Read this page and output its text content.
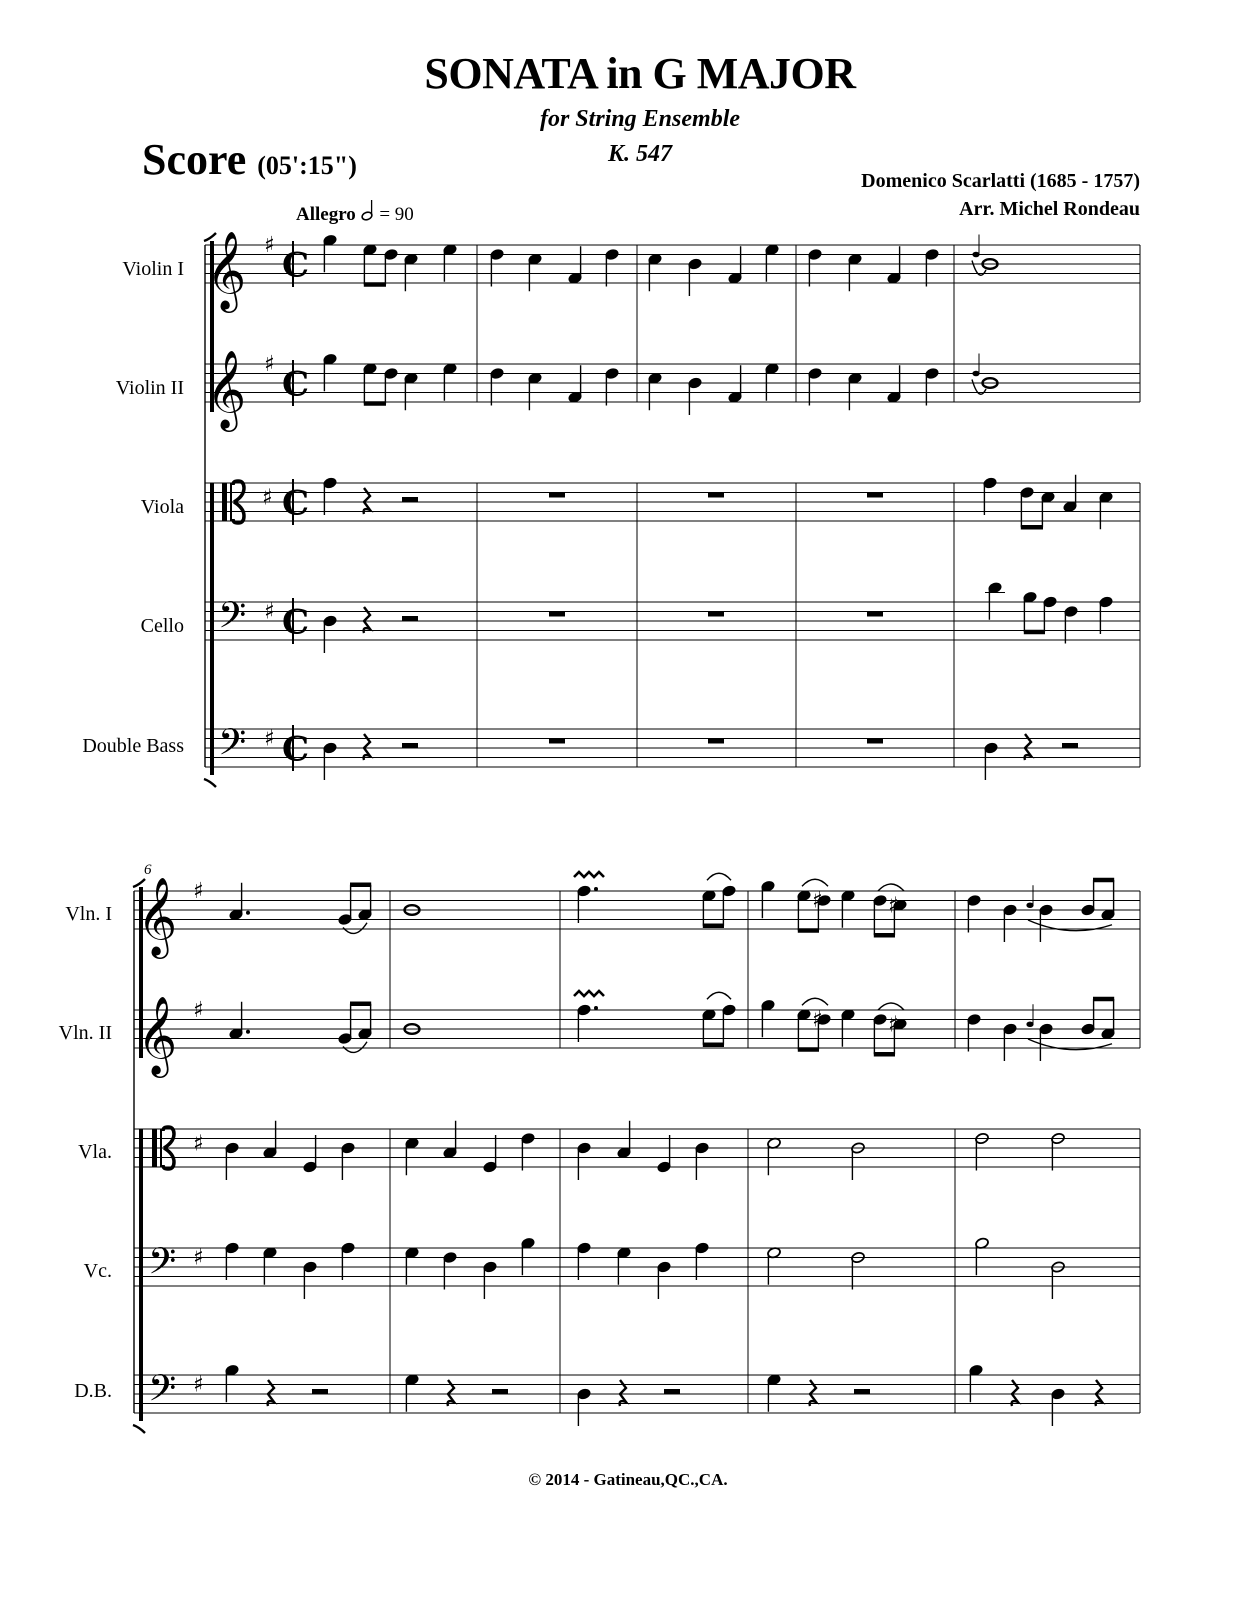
SONATA in G MAJOR
for String Ensemble
K. 547
Score (05':15")
Domenico Scarlatti (1685 - 1757)
Arr. Michel Rondeau
Allegro = 90
Violin I
Violin II
Viola
Cello
Double Bass
6
Vln. I
Vln. II
Vla.
Vc.
D.B.
© 2014 - Gatineau,QC.,CA.
𝄞 ♯ C
𝄞 ♯ C
♯ C
𝄢 ♯ C
𝄢 ♯ C
𝄞 ♯
𝄞 ♯
♯
𝄢 ♯
𝄢 ♯
♯	♯
♯	♯
